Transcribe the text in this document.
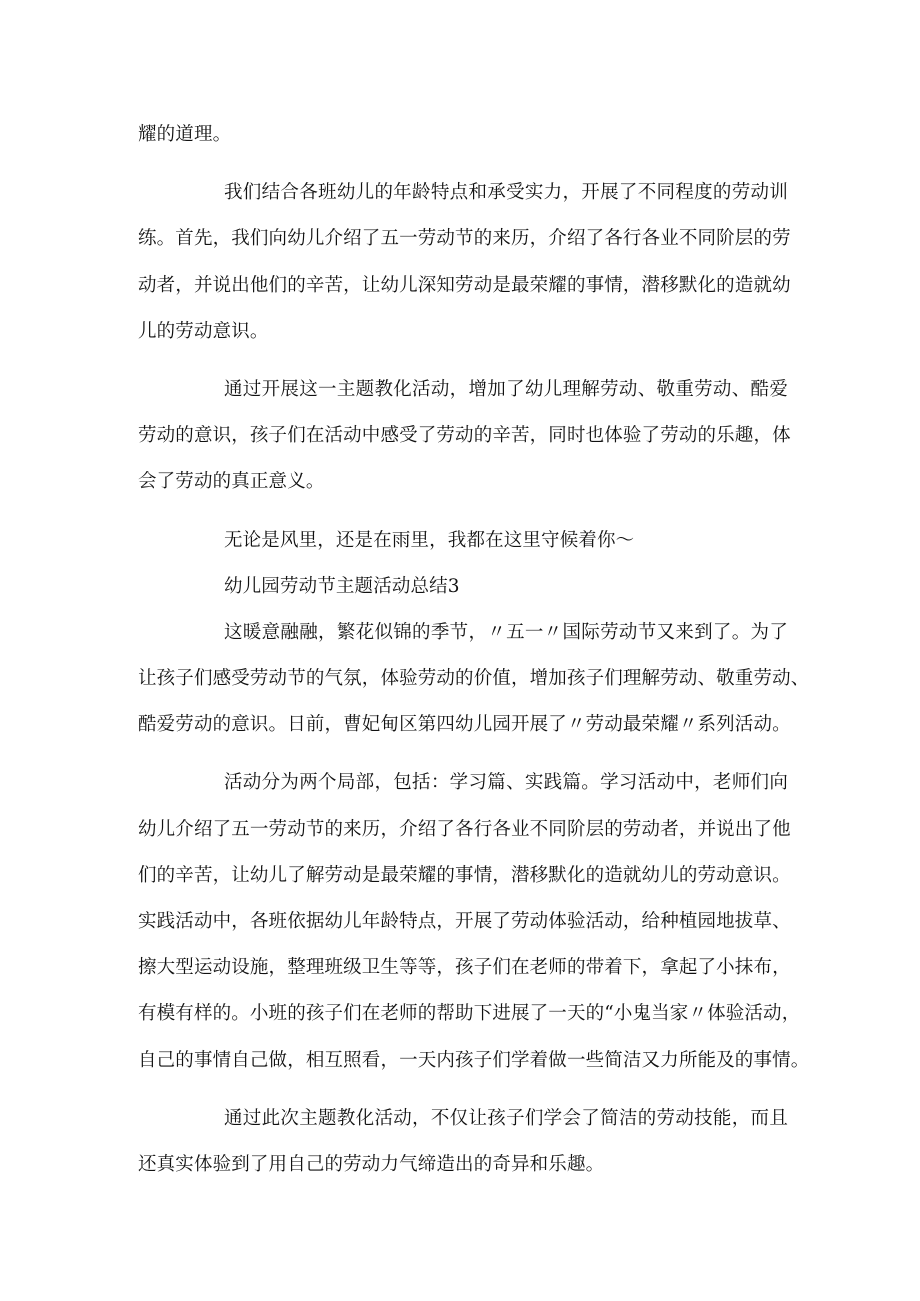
耀的道理。
我们结合各班幼儿的年龄特点和承受实力，开展了不同程度的劳动训
练。首先，我们向幼儿介绍了五一劳动节的来历，介绍了各行各业不同阶层的劳
动者，并说出他们的辛苦，让幼儿深知劳动是最荣耀的事情，潜移默化的造就幼
儿的劳动意识。
通过开展这一主题教化活动，增加了幼儿理解劳动、敬重劳动、酷爱
劳动的意识，孩子们在活动中感受了劳动的辛苦，同时也体验了劳动的乐趣，体
会了劳动的真正意义。
无论是风里，还是在雨里，我都在这里守候着你～
幼儿园劳动节主题活动总结3
这暖意融融，繁花似锦的季节，〃五一〃国际劳动节又来到了。为了
让孩子们感受劳动节的气氛，体验劳动的价值，增加孩子们理解劳动、敬重劳动、
酷爱劳动的意识。日前，曹妃甸区第四幼儿园开展了〃劳动最荣耀〃系列活动。
活动分为两个局部，包括：学习篇、实践篇。学习活动中，老师们向
幼儿介绍了五一劳动节的来历，介绍了各行各业不同阶层的劳动者，并说出了他
们的辛苦，让幼儿了解劳动是最荣耀的事情，潜移默化的造就幼儿的劳动意识。
实践活动中，各班依据幼儿年龄特点，开展了劳动体验活动，给种植园地拔草、
擦大型运动设施，整理班级卫生等等，孩子们在老师的带着下，拿起了小抹布，
有模有样的。小班的孩子们在老师的帮助下进展了一天的“小鬼当家〃体验活动，
自己的事情自己做，相互照看，一天内孩子们学着做一些简洁又力所能及的事情。
通过此次主题教化活动，不仅让孩子们学会了简洁的劳动技能，而且
还真实体验到了用自己的劳动力气缔造出的奇异和乐趣。
